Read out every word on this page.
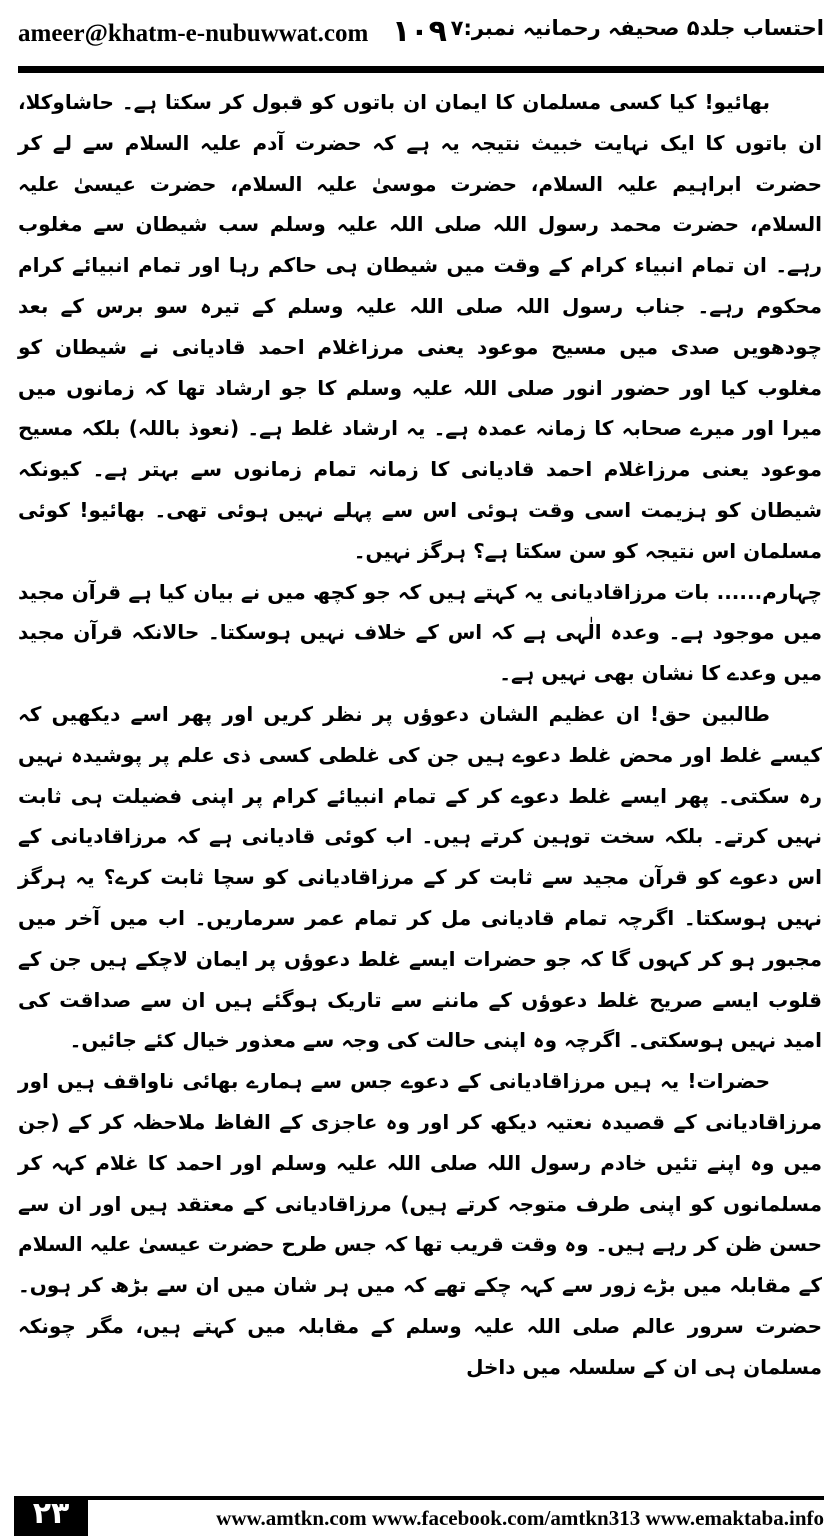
ameer@khatm-e-nubuwwat.com ۱۰۹ احتساب جلد۵ صحیفہ رحمانیہ نمبر:۷

بھائیو! کیا کسی مسلمان کا ایمان ان باتوں کو قبول کر سکتا ہے۔ حاشاوکلا، ان باتوں کا ایک نہایت خبیث نتیجہ یہ ہے کہ حضرت آدم علیہ السلام سے لے کر حضرت ابراہیم علیہ السلام، حضرت موسیٰ علیہ السلام، حضرت عیسیٰ علیہ السلام، حضرت محمد رسول اللہ صلی اللہ علیہ وسلم سب شیطان سے مغلوب رہے۔ ان تمام انبیاء کرام کے وقت میں شیطان ہی حاکم رہا اور تمام انبیائے کرام محکوم رہے۔ جناب رسول اللہ صلی اللہ علیہ وسلم کے تیرہ سو برس کے بعد چودھویں صدی میں مسیح موعود یعنی مرزاغلام احمد قادیانی نے شیطان کو مغلوب کیا اور حضور انور صلی اللہ علیہ وسلم کا جو ارشاد تھا کہ زمانوں میں میرا اور میرے صحابہ کا زمانہ عمدہ ہے۔ یہ ارشاد غلط ہے۔ (نعوذ باللہ) بلکہ مسیح موعود یعنی مرزاغلام احمد قادیانی کا زمانہ تمام زمانوں سے بہتر ہے۔ کیونکہ شیطان کو ہزیمت اسی وقت ہوئی اس سے پہلے نہیں ہوئی تھی۔ بھائیو! کوئی مسلمان اس نتیجہ کو سن سکتا ہے؟ ہرگز نہیں۔

چہارم...... بات مرزاقادیانی یہ کہتے ہیں کہ جو کچھ میں نے بیان کیا ہے قرآن مجید میں موجود ہے۔ وعدہ الٰہی ہے کہ اس کے خلاف نہیں ہوسکتا۔ حالانکہ قرآن مجید میں وعدے کا نشان بھی نہیں ہے۔

طالبین حق! ان عظیم الشان دعوؤں پر نظر کریں اور پھر اسے دیکھیں کہ کیسے غلط اور محض غلط دعوے ہیں جن کی غلطی کسی ذی علم پر پوشیدہ نہیں رہ سکتی۔ پھر ایسے غلط دعوے کر کے تمام انبیائے کرام پر اپنی فضیلت ہی ثابت نہیں کرتے۔ بلکہ سخت توہین کرتے ہیں۔ اب کوئی قادیانی ہے کہ مرزاقادیانی کے اس دعوے کو قرآن مجید سے ثابت کر کے مرزاقادیانی کو سچا ثابت کرے؟ یہ ہرگز نہیں ہوسکتا۔ اگرچہ تمام قادیانی مل کر تمام عمر سرماریں۔ اب میں آخر میں مجبور ہو کر کہوں گا کہ جو حضرات ایسے غلط دعوؤں پر ایمان لاچکے ہیں جن کے قلوب ایسے صریح غلط دعوؤں کے ماننے سے تاریک ہوگئے ہیں ان سے صداقت کی امید نہیں ہوسکتی۔ اگرچہ وہ اپنی حالت کی وجہ سے معذور خیال کئے جائیں۔

حضرات! یہ ہیں مرزاقادیانی کے دعوے جس سے ہمارے بھائی ناواقف ہیں اور مرزاقادیانی کے قصیدہ نعتیہ دیکھ کر اور وہ عاجزی کے الفاظ ملاحظہ کر کے (جن میں وہ اپنے تئیں خادم رسول اللہ صلی اللہ علیہ وسلم اور احمد کا غلام کہہ کر مسلمانوں کو اپنی طرف متوجہ کرتے ہیں) مرزاقادیانی کے معتقد ہیں اور ان سے حسن ظن کر رہے ہیں۔ وہ وقت قریب تھا کہ جس طرح حضرت عیسیٰ علیہ السلام کے مقابلہ میں بڑے زور سے کہہ چکے تھے کہ میں ہر شان میں ان سے بڑھ کر ہوں۔ حضرت سرور عالم صلی اللہ علیہ وسلم کے مقابلہ میں کہتے ہیں، مگر چونکہ مسلمان ہی ان کے سلسلہ میں داخل

۲۳	www.amtkn.com www.facebook.com/amtkn313 www.emaktaba.info
